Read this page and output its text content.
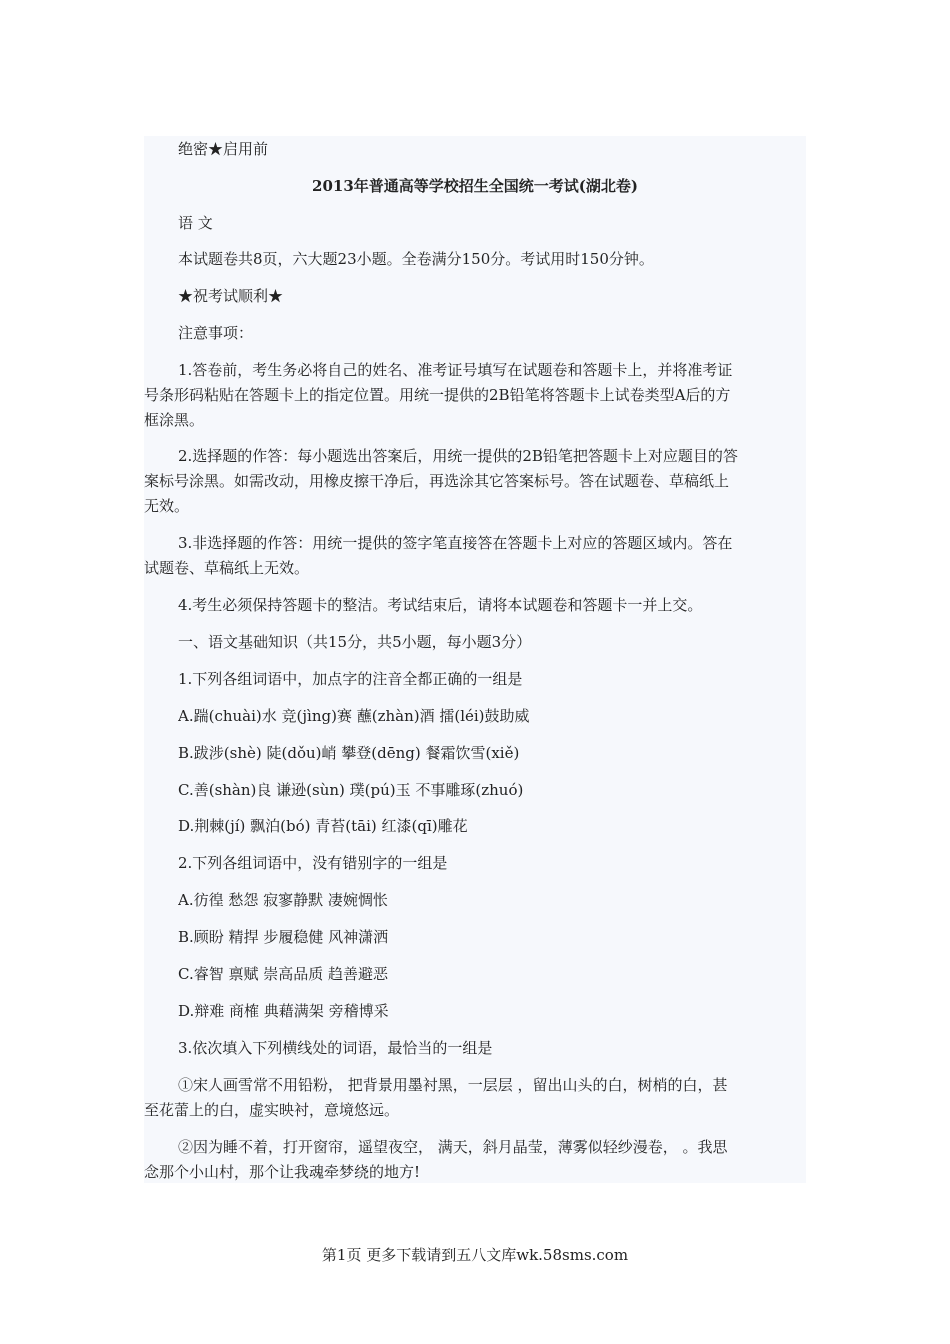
绝密★启用前
2013年普通高等学校招生全国统一考试(湖北卷)
语 文
本试题卷共8页，六大题23小题。全卷满分150分。考试用时150分钟。
★祝考试顺利★
注意事项：
1.答卷前，考生务必将自己的姓名、准考证号填写在试题卷和答题卡上，并将准考证
号条形码粘贴在答题卡上的指定位置。用统一提供的2B铅笔将答题卡上试卷类型A后的方
框涂黑。
2.选择题的作答：每小题选出答案后，用统一提供的2B铅笔把答题卡上对应题目的答
案标号涂黑。如需改动，用橡皮擦干净后，再选涂其它答案标号。答在试题卷、草稿纸上
无效。
3.非选择题的作答：用统一提供的签字笔直接答在答题卡上对应的答题区域内。答在
试题卷、草稿纸上无效。
4.考生必须保持答题卡的整洁。考试结束后，请将本试题卷和答题卡一并上交。
一、语文基础知识（共15分，共5小题，每小题3分）
1.下列各组词语中，加点字的注音全都正确的一组是
A.踹(chuài)水 竞(jìng)赛 蘸(zhàn)酒 擂(léi)鼓助威
B.跋涉(shè) 陡(dǒu)峭 攀登(dēng) 餐霜饮雪(xiě)
C.善(shàn)良 谦逊(sùn) 璞(pú)玉 不事雕琢(zhuó)
D.荆棘(jí) 飘泊(bó) 青苔(tāi) 红漆(qī)雕花
2.下列各组词语中，没有错别字的一组是
A.彷徨 愁怨 寂寥静默 凄婉惆怅
B.顾盼 精捍 步履稳健 风神潇洒
C.睿智 禀赋 崇高品质 趋善避恶
D.辩难 商榷 典藉满架 旁稽博采
3.依次填入下列横线处的词语，最恰当的一组是
①宋人画雪常不用铅粉， 把背景用墨衬黑，一层层 ，留出山头的白，树梢的白，甚
至花蕾上的白，虚实映衬，意境悠远。
②因为睡不着，打开窗帘，遥望夜空， 满天，斜月晶莹，薄雾似轻纱漫卷， 。我思
念那个小山村，那个让我魂牵梦绕的地方!
第1页 更多下载请到五八文库wk.58sms.com
